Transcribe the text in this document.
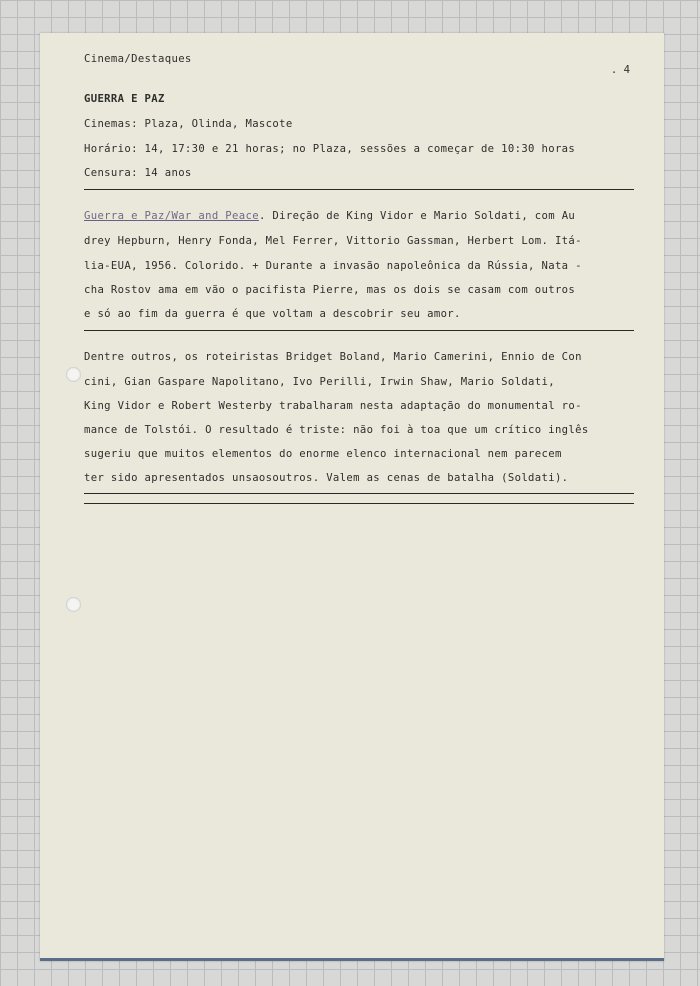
Cinema/Destaques

. 4

GUERRA E PAZ

Cinemas: Plaza, Olinda, Mascote

Horário: 14, 17:30 e 21 horas; no Plaza, sessões a começar de 10:30 horas

Censura: 14 anos

Guerra e Paz/War and Peace. Direção de King Vidor e Mario Soldati, com Au

drey Hepburn, Henry Fonda, Mel Ferrer, Vittorio Gassman, Herbert Lom. Itá-

lia-EUA, 1956. Colorido. + Durante a invasão napoleônica da Rússia, Nata -

cha Rostov ama em vão o pacifista Pierre, mas os dois se casam com outros

e só ao fim da guerra é que voltam a descobrir seu amor.

Dentre outros, os roteiristas Bridget Boland, Mario Camerini, Ennio de Con

cini, Gian Gaspare Napolitano, Ivo Perilli, Irwin Shaw, Mario Soldati,

King Vidor e Robert Westerby trabalharam nesta adaptação do monumental ro-

mance de Tolstói. O resultado é triste: não foi à toa que um crítico inglês

sugeriu que muitos elementos do enorme elenco internacional nem parecem

ter sido apresentados unsaosoutros. Valem as cenas de batalha (Soldati).
